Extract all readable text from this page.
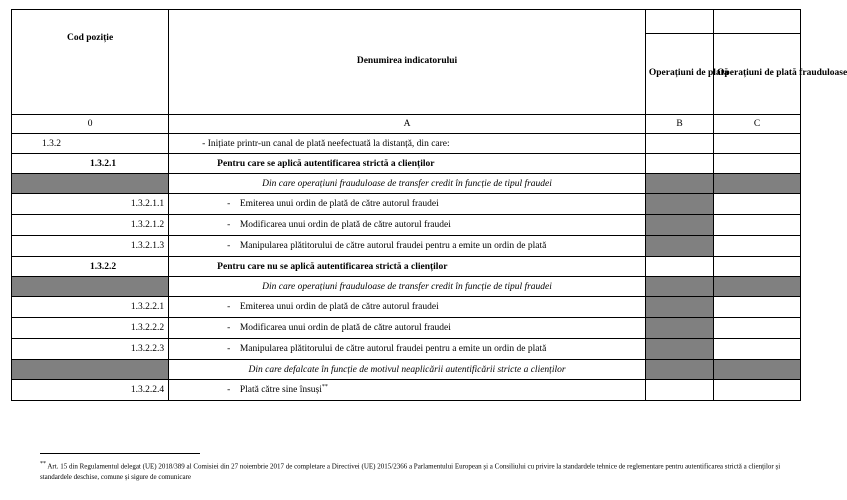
Cod poziție	Denumirea indicatorului		
		Operațiuni de plată	Operațiuni de plată frauduloase
0	A	B	C
1.3.2	- Inițiate printr-un canal de plată neefectuată la distanță, din care:		
1.3.2.1	Pentru care se aplică autentificarea strictă a clienților		
	Din care operațiuni frauduloase de transfer credit în funcție de tipul fraudei		
1.3.2.1.1	- Emiterea unui ordin de plată de către autorul fraudei		
1.3.2.1.2	- Modificarea unui ordin de plată de către autorul fraudei		
1.3.2.1.3	- Manipularea plătitorului de către autorul fraudei pentru a emite un ordin de plată		
1.3.2.2	Pentru care nu se aplică autentificarea strictă a clienților		
	Din care operațiuni frauduloase de transfer credit în funcție de tipul fraudei		
1.3.2.2.1	- Emiterea unui ordin de plată de către autorul fraudei		
1.3.2.2.2	- Modificarea unui ordin de plată de către autorul fraudei		
1.3.2.2.3	- Manipularea plătitorului de către autorul fraudei pentru a emite un ordin de plată		
	Din care defalcate în funcție de motivul neaplicării autentificării stricte a clienților		
1.3.2.2.4	- Plată către sine însuși**		
** Art. 15 din Regulamentul delegat (UE) 2018/389 al Comisiei din 27 noiembrie 2017 de completare a Directivei (UE) 2015/2366 a Parlamentului European și a Consiliului cu privire la standardele tehnice de reglementare pentru autentificarea strictă a clienților și standardele deschise, comune și sigure de comunicare
